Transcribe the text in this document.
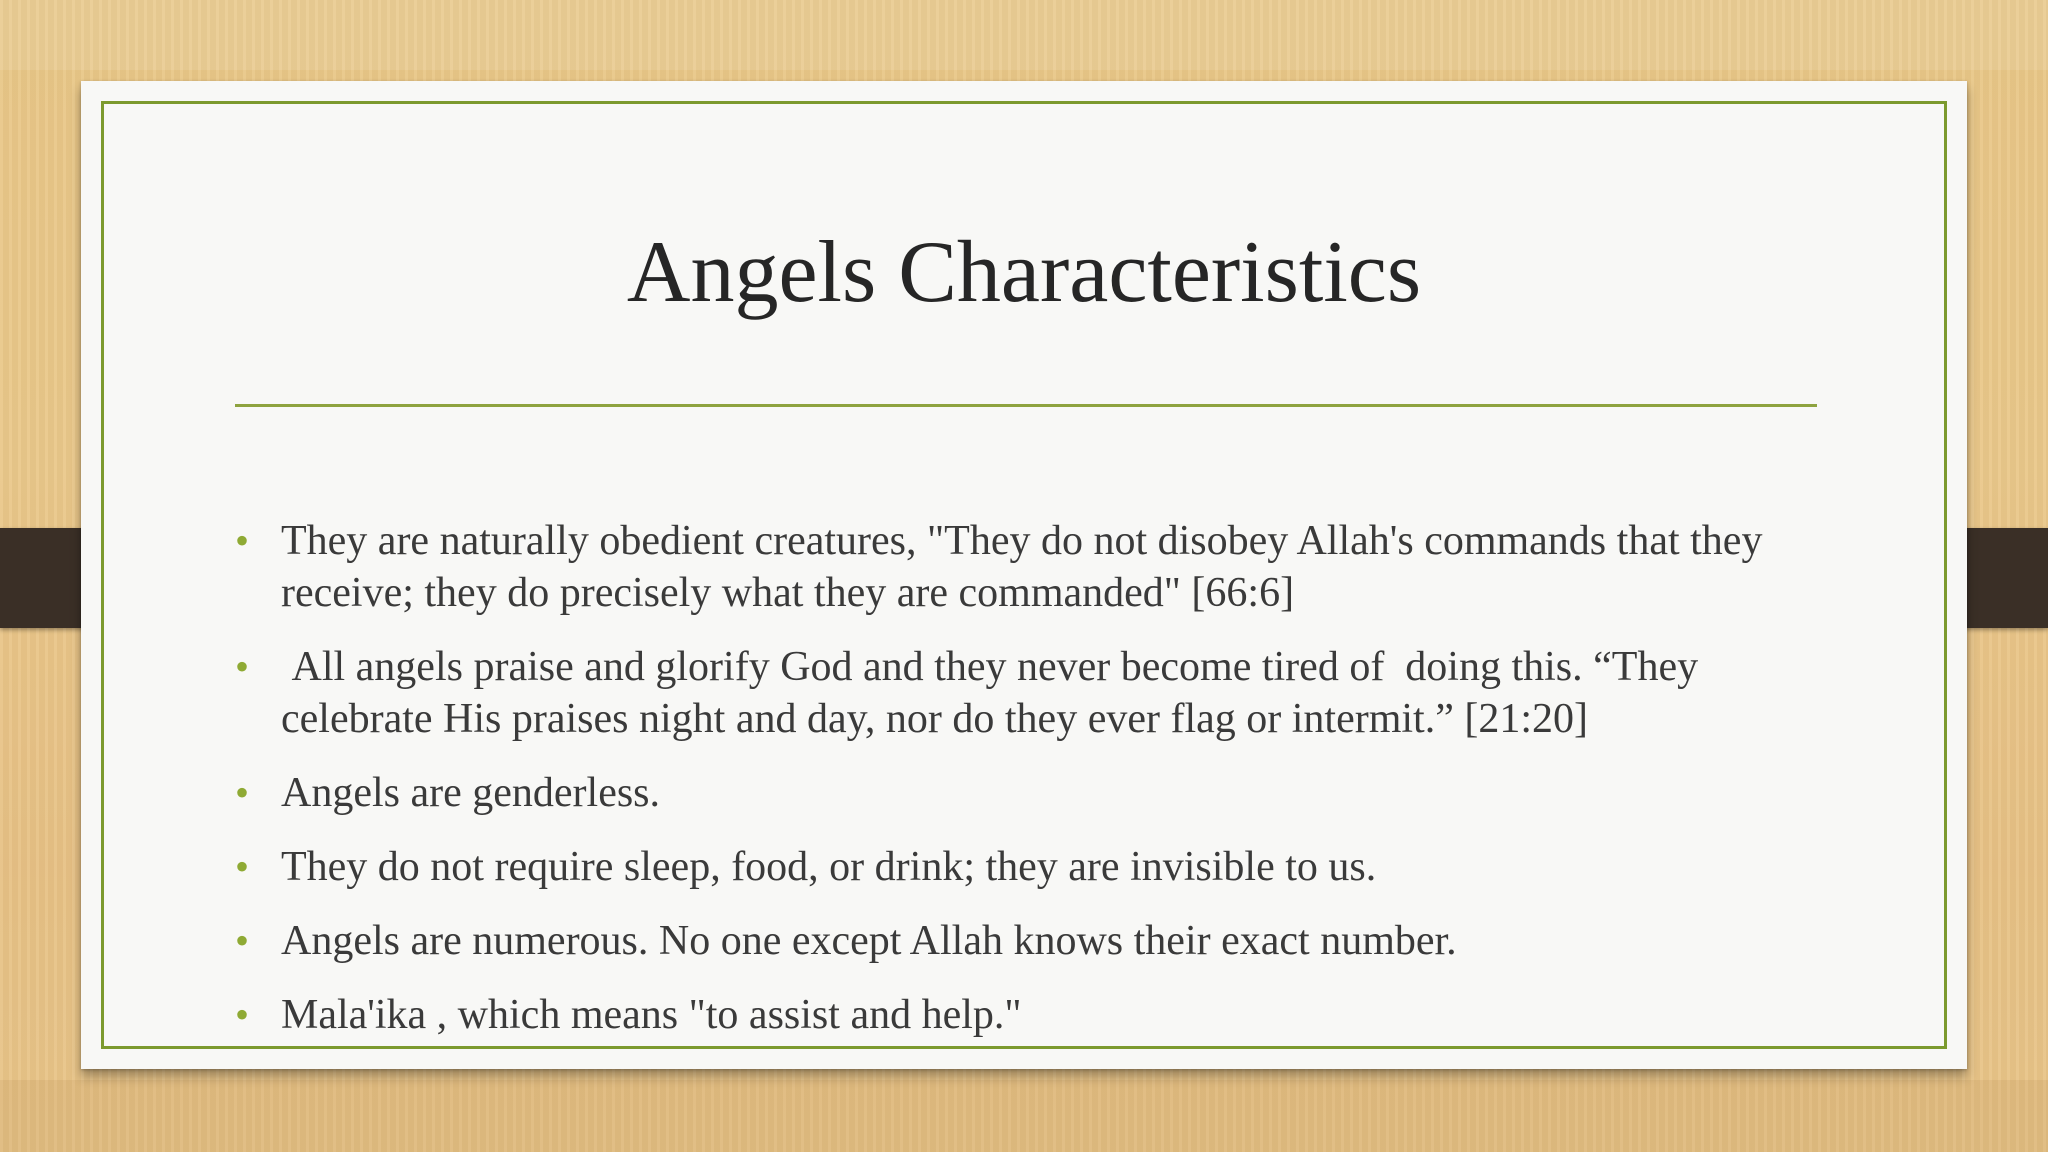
Angels Characteristics
• They are naturally obedient creatures, "They do not disobey Allah's commands that they receive; they do precisely what they are commanded" [66:6]
• All angels praise and glorify God and they never become tired of  doing this. “They celebrate His praises night and day, nor do they ever flag or intermit.” [21:20]
• Angels are genderless.
• They do not require sleep, food, or drink; they are invisible to us.
• Angels are numerous. No one except Allah knows their exact number.
• Mala'ika , which means "to assist and help."
